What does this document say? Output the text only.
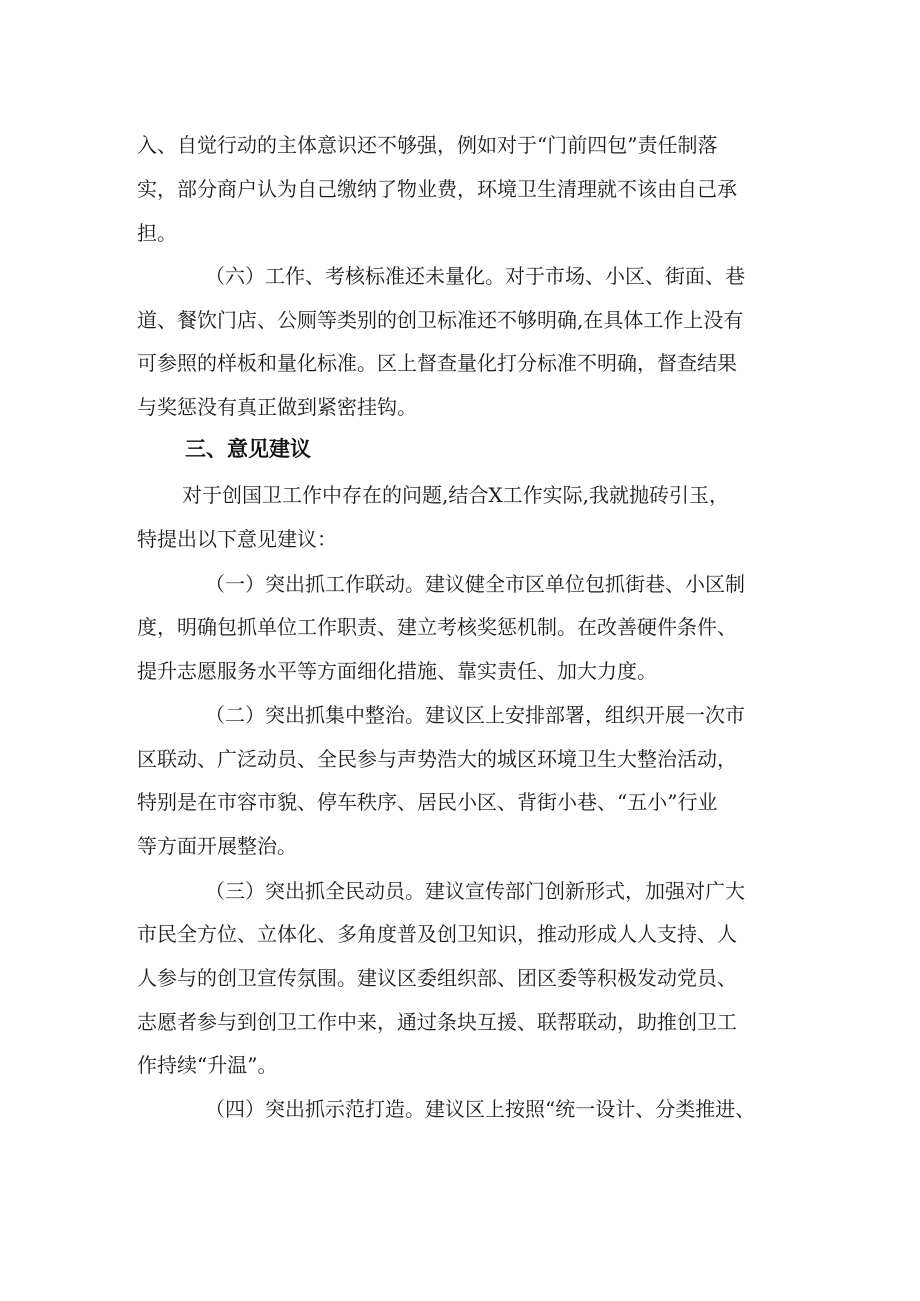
入、自觉行动的主体意识还不够强，例如对于“门前四包”责任制落
实，部分商户认为自己缴纳了物业费，环境卫生清理就不该由自己承
担。
（六）工作、考核标准还未量化。对于市场、小区、街面、巷
道、餐饮门店、公厕等类别的创卫标准还不够明确,在具体工作上没有
可参照的样板和量化标准。区上督查量化打分标准不明确，督查结果
与奖惩没有真正做到紧密挂钩。
三、意见建议
对于创国卫工作中存在的问题,结合X工作实际,我就抛砖引玉，
特提出以下意见建议：
（一）突出抓工作联动。建议健全市区单位包抓街巷、小区制
度，明确包抓单位工作职责、建立考核奖惩机制。在改善硬件条件、
提升志愿服务水平等方面细化措施、靠实责任、加大力度。
（二）突出抓集中整治。建议区上安排部署，组织开展一次市
区联动、广泛动员、全民参与声势浩大的城区环境卫生大整治活动，
特别是在市容市貌、停车秩序、居民小区、背街小巷、“五小”行业
等方面开展整治。
（三）突出抓全民动员。建议宣传部门创新形式，加强对广大
市民全方位、立体化、多角度普及创卫知识，推动形成人人支持、人
人参与的创卫宣传氛围。建议区委组织部、团区委等积极发动党员、
志愿者参与到创卫工作中来，通过条块互援、联帮联动，助推创卫工
作持续“升温”。
（四）突出抓示范打造。建议区上按照“统一设计、分类推进、
